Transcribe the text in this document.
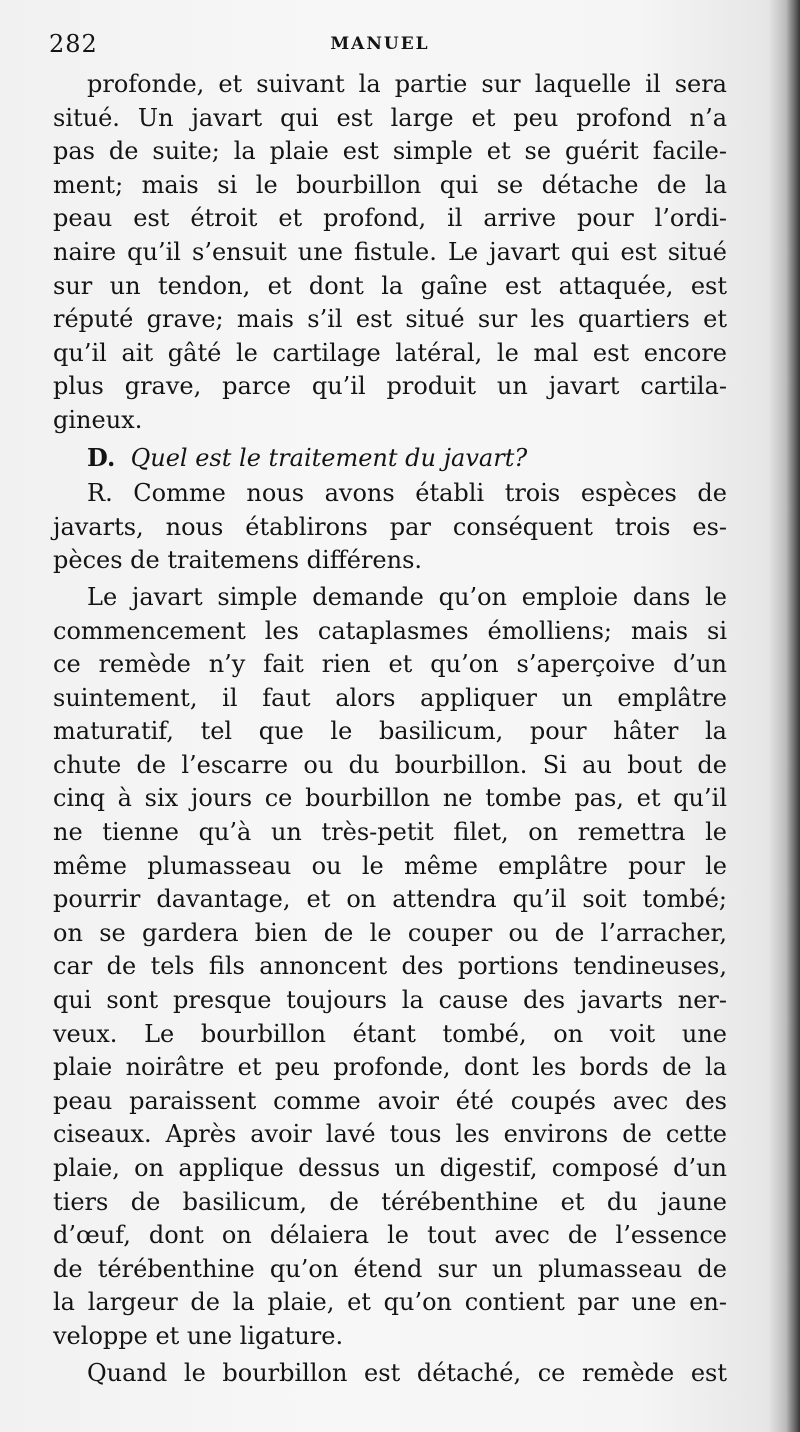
282	MANUEL
profonde, et suivant la partie sur laquelle il sera
situé. Un javart qui est large et peu profond n’a
pas de suite; la plaie est simple et se guérit facile-
ment; mais si le bourbillon qui se détache de la
peau est étroit et profond, il arrive pour l’ordi-
naire qu’il s’ensuit une fistule. Le javart qui est situé
sur un tendon, et dont la gaîne est attaquée, est
réputé grave; mais s’il est situé sur les quartiers et
qu’il ait gâté le cartilage latéral, le mal est encore
plus grave, parce qu’il produit un javart cartila-
gineux.
D. Quel est le traitement du javart?
R. Comme nous avons établi trois espèces de
javarts, nous établirons par conséquent trois es-
pèces de traitemens différens.
Le javart simple demande qu’on emploie dans le
commencement les cataplasmes émolliens; mais si
ce remède n’y fait rien et qu’on s’aperçoive d’un
suintement, il faut alors appliquer un emplâtre
maturatif, tel que le basilicum, pour hâter la
chute de l’escarre ou du bourbillon. Si au bout de
cinq à six jours ce bourbillon ne tombe pas, et qu’il
ne tienne qu’à un très-petit filet, on remettra le
même plumasseau ou le même emplâtre pour le
pourrir davantage, et on attendra qu’il soit tombé;
on se gardera bien de le couper ou de l’arracher,
car de tels fils annoncent des portions tendineuses,
qui sont presque toujours la cause des javarts ner-
veux. Le bourbillon étant tombé, on voit une
plaie noirâtre et peu profonde, dont les bords de la
peau paraissent comme avoir été coupés avec des
ciseaux. Après avoir lavé tous les environs de cette
plaie, on applique dessus un digestif, composé d’un
tiers de basilicum, de térébenthine et du jaune
d’œuf, dont on délaiera le tout avec de l’essence
de térébenthine qu’on étend sur un plumasseau de
la largeur de la plaie, et qu’on contient par une en-
veloppe et une ligature.
Quand le bourbillon est détaché, ce remède est
